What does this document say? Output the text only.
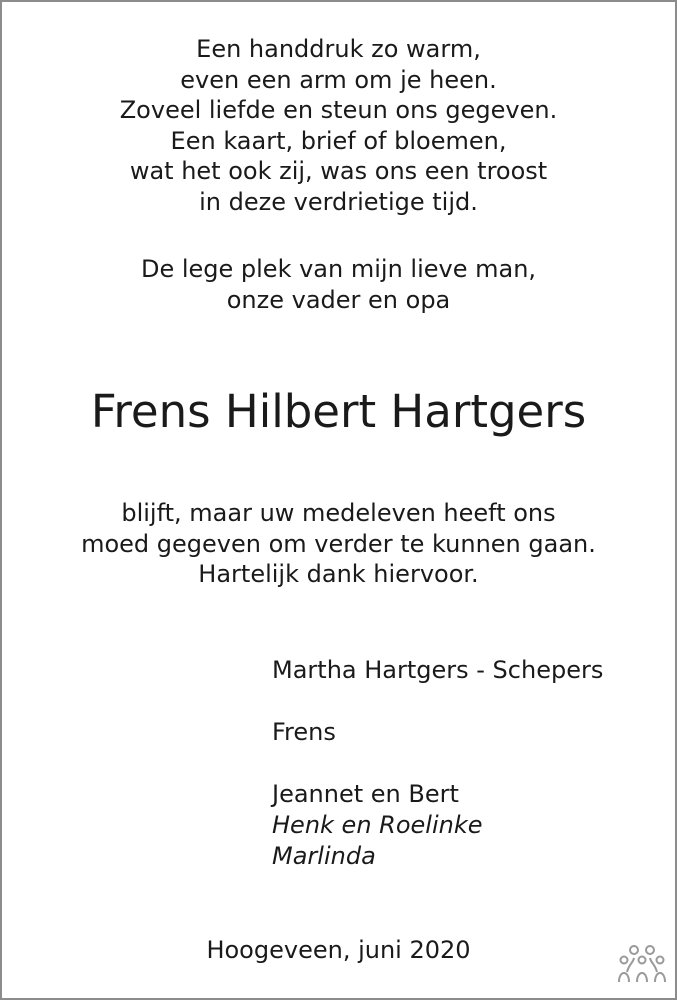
Een handdruk zo warm,
even een arm om je heen.
Zoveel liefde en steun ons gegeven.
Een kaart, brief of bloemen,
wat het ook zij, was ons een troost
in deze verdrietige tijd.
De lege plek van mijn lieve man,
onze vader en opa
Frens Hilbert Hartgers
blijft, maar uw medeleven heeft ons
moed gegeven om verder te kunnen gaan.
Hartelijk dank hiervoor.
Martha Hartgers - Schepers
Frens
Jeannet en Bert
Henk en Roelinke
Marlinda
Hoogeveen, juni 2020
